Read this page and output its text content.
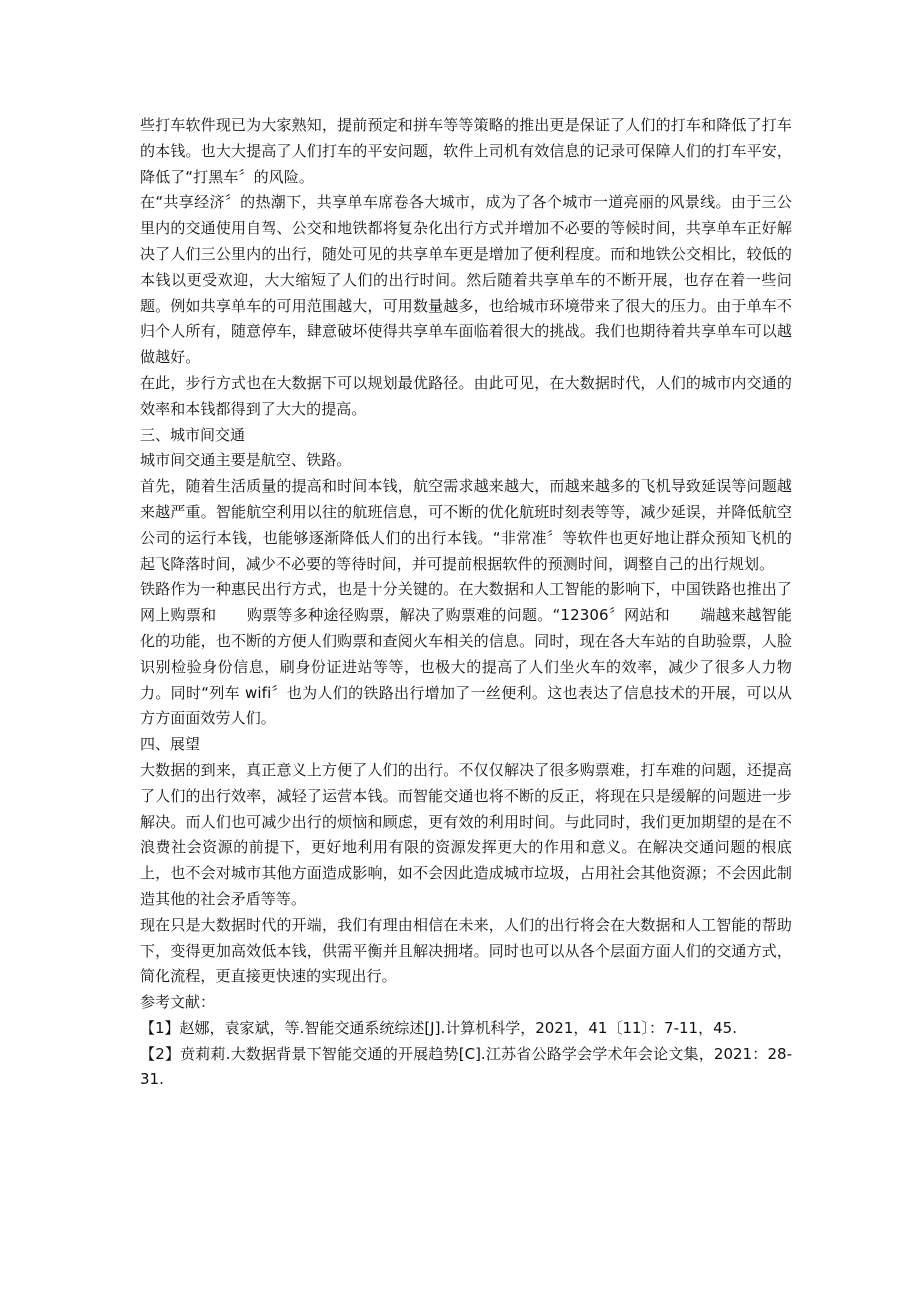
些打车软件现已为大家熟知，提前预定和拼车等等策略的推出更是保证了人们的打车和降低了打车的本钱。也大大提高了人们打车的平安问题，软件上司机有效信息的记录可保障人们的打车平安，降低了“打黑车〞的风险。

在“共享经济〞的热潮下，共享单车席卷各大城市，成为了各个城市一道亮丽的风景线。由于三公里内的交通使用自驾、公交和地铁都将复杂化出行方式并增加不必要的等候时间，共享单车正好解决了人们三公里内的出行，随处可见的共享单车更是增加了便利程度。而和地铁公交相比，较低的本钱以更受欢迎，大大缩短了人们的出行时间。然后随着共享单车的不断开展，也存在着一些问题。例如共享单车的可用范围越大，可用数量越多，也给城市环境带来了很大的压力。由于单车不归个人所有，随意停车，肆意破坏使得共享单车面临着很大的挑战。我们也期待着共享单车可以越做越好。

在此，步行方式也在大数据下可以规划最优路径。由此可见，在大数据时代，人们的城市内交通的效率和本钱都得到了大大的提高。

三、城市间交通

城市间交通主要是航空、铁路。

首先，随着生活质量的提高和时间本钱，航空需求越来越大，而越来越多的飞机导致延误等问题越来越严重。智能航空利用以往的航班信息，可不断的优化航班时刻表等等，减少延误，并降低航空公司的运行本钱，也能够逐渐降低人们的出行本钱。“非常准〞等软件也更好地让群众预知飞机的起飞降落时间，减少不必要的等待时间，并可提前根据软件的预测时间，调整自己的出行规划。

铁路作为一种惠民出行方式，也是十分关键的。在大数据和人工智能的影响下，中国铁路也推出了网上购票和　　购票等多种途径购票，解决了购票难的问题。“12306〞网站和　　端越来越智能化的功能，也不断的方便人们购票和查阅火车相关的信息。同时，现在各大车站的自助验票，人脸识别检验身份信息，刷身份证进站等等，也极大的提高了人们坐火车的效率，减少了很多人力物力。同时“列车 wifi〞也为人们的铁路出行增加了一丝便利。这也表达了信息技术的开展，可以从方方面面效劳人们。

四、展望

大数据的到来，真正意义上方便了人们的出行。不仅仅解决了很多购票难，打车难的问题，还提高了人们的出行效率，减轻了运营本钱。而智能交通也将不断的反正，将现在只是缓解的问题进一步解决。而人们也可减少出行的烦恼和顾虑，更有效的利用时间。与此同时，我们更加期望的是在不浪费社会资源的前提下，更好地利用有限的资源发挥更大的作用和意义。在解决交通问题的根底上，也不会对城市其他方面造成影响，如不会因此造成城市垃圾，占用社会其他资源；不会因此制造其他的社会矛盾等等。

现在只是大数据时代的开端，我们有理由相信在未来，人们的出行将会在大数据和人工智能的帮助下，变得更加高效低本钱，供需平衡并且解决拥堵。同时也可以从各个层面方面人们的交通方式，简化流程，更直接更快速的实现出行。

参考文献：

【1】赵娜，袁家斌，等.智能交通系统综述[J].计算机科学，2021，41〔11〕：7-11，45.

【2】贲莉莉.大数据背景下智能交通的开展趋势[C].江苏省公路学会学术年会论文集，2021：28-31.
